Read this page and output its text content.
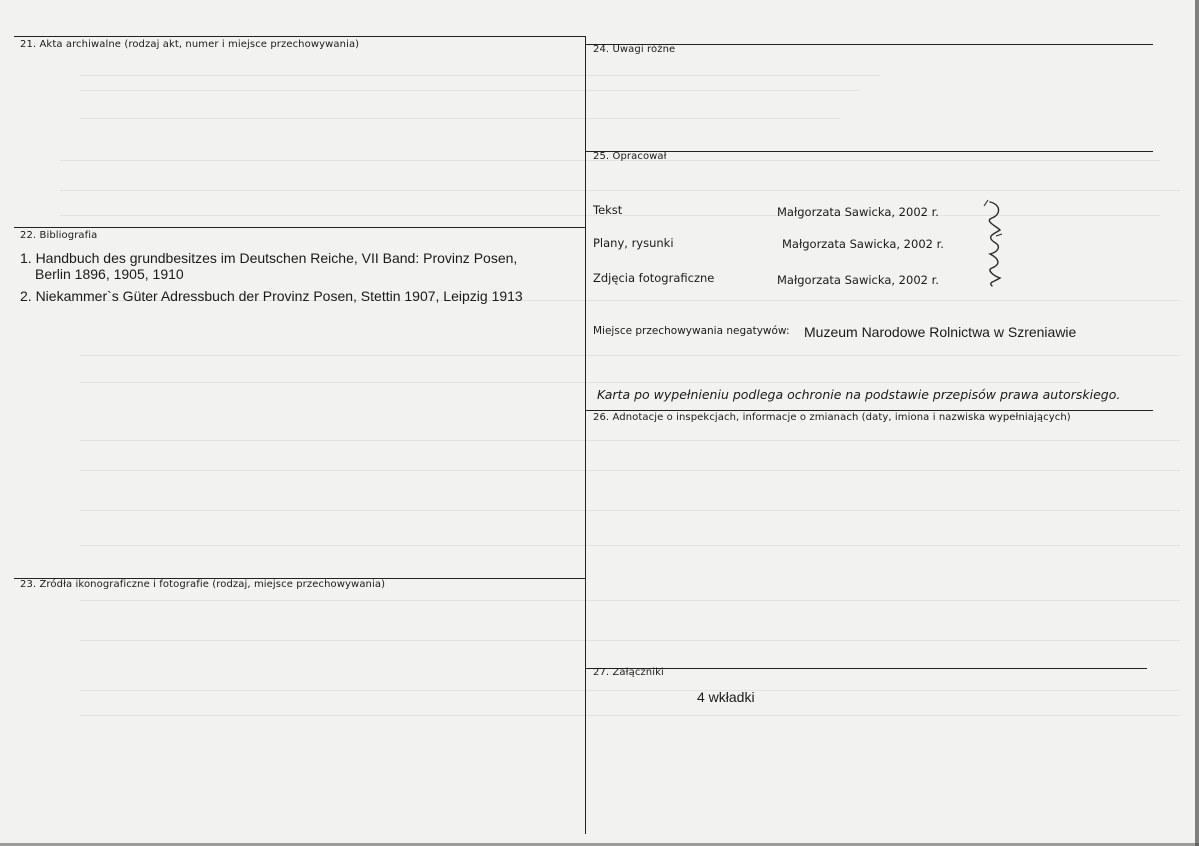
21. Akta archiwalne (rodzaj akt, numer i miejsce przechowywania)
22. Bibliografia
1. Handbuch des grundbesitzes im Deutschen Reiche, VII Band: Provinz Posen,
Berlin 1896, 1905, 1910
2. Niekammer`s Güter Adressbuch der Provinz Posen, Stettin 1907, Leipzig 1913
23. Źródła ikonograficzne i fotografie (rodzaj, miejsce przechowywania)
24. Uwagi różne
25. Opracował
Tekst	Małgorzata Sawicka, 2002 r.
Plany, rysunki	Małgorzata Sawicka, 2002 r.
Zdjęcia fotograficzne	Małgorzata Sawicka, 2002 r.
Miejsce przechowywania negatywów: Muzeum Narodowe Rolnictwa w Szreniawie
Karta po wypełnieniu podlega ochronie na podstawie przepisów prawa autorskiego.
26. Adnotacje o inspekcjach, informacje o zmianach (daty, imiona i nazwiska wypełniających)
27. Załączniki
4 wkładki
